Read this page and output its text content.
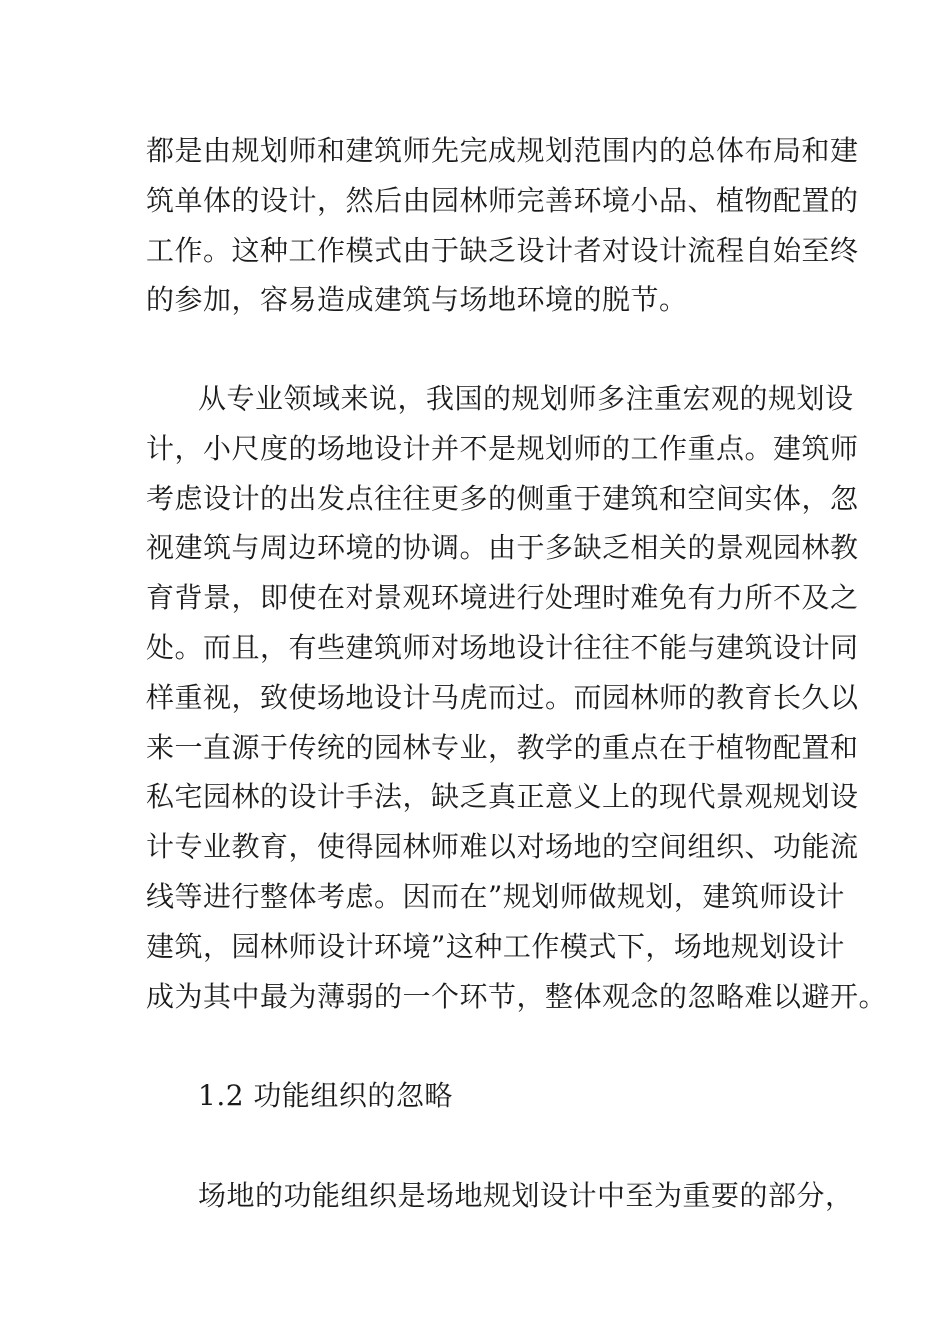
都是由规划师和建筑师先完成规划范围内的总体布局和建
筑单体的设计，然后由园林师完善环境小品、植物配置的
工作。这种工作模式由于缺乏设计者对设计流程自始至终
的参加，容易造成建筑与场地环境的脱节。
从专业领域来说，我国的规划师多注重宏观的规划设
计，小尺度的场地设计并不是规划师的工作重点。建筑师
考虑设计的出发点往往更多的侧重于建筑和空间实体，忽
视建筑与周边环境的协调。由于多缺乏相关的景观园林教
育背景，即使在对景观环境进行处理时难免有力所不及之
处。而且，有些建筑师对场地设计往往不能与建筑设计同
样重视，致使场地设计马虎而过。而园林师的教育长久以
来一直源于传统的园林专业，教学的重点在于植物配置和
私宅园林的设计手法，缺乏真正意义上的现代景观规划设
计专业教育，使得园林师难以对场地的空间组织、功能流
线等进行整体考虑。因而在”规划师做规划，建筑师设计
建筑，园林师设计环境”这种工作模式下，场地规划设计
成为其中最为薄弱的一个环节，整体观念的忽略难以避开。
1.2 功能组织的忽略
场地的功能组织是场地规划设计中至为重要的部分，
